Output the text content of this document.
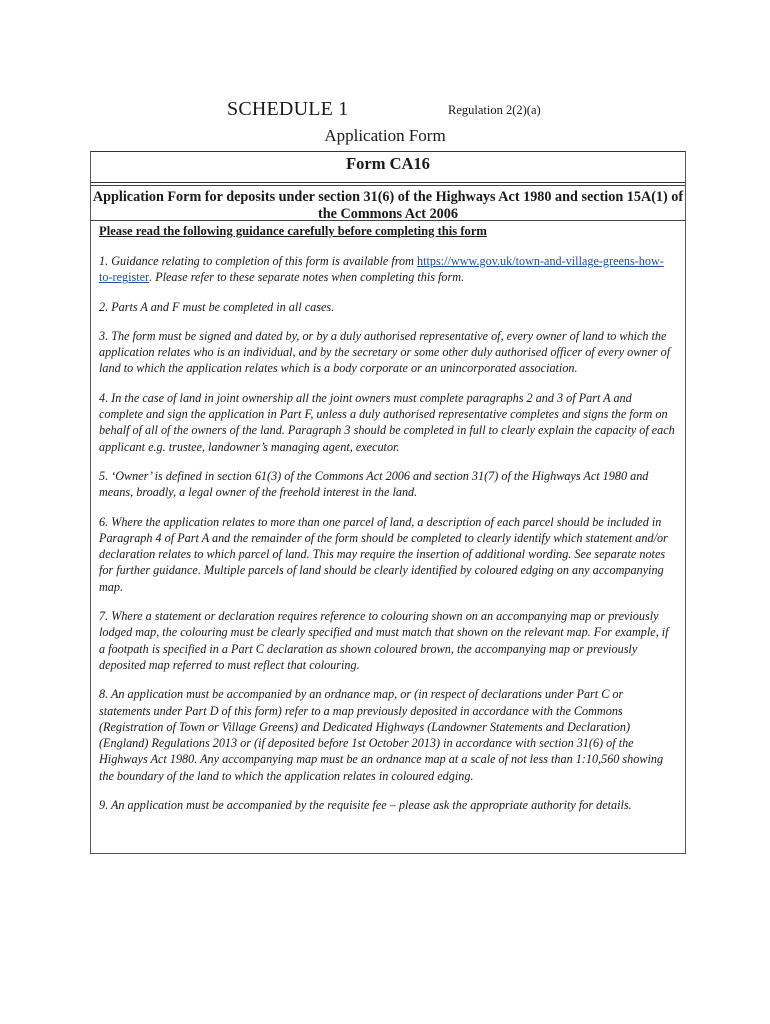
SCHEDULE 1	Regulation 2(2)(a)
Application Form
Form CA16
Application Form for deposits under section 31(6) of the Highways Act 1980 and section 15A(1) of the Commons Act 2006

Please read the following guidance carefully before completing this form

1. Guidance relating to completion of this form is available from https://www.gov.uk/town-and-village-greens-how-to-register. Please refer to these separate notes when completing this form.

2. Parts A and F must be completed in all cases.

3. The form must be signed and dated by, or by a duly authorised representative of, every owner of land to which the application relates who is an individual, and by the secretary or some other duly authorised officer of every owner of land to which the application relates which is a body corporate or an unincorporated association.

4. In the case of land in joint ownership all the joint owners must complete paragraphs 2 and 3 of Part A and complete and sign the application in Part F, unless a duly authorised representative completes and signs the form on behalf of all of the owners of the land. Paragraph 3 should be completed in full to clearly explain the capacity of each applicant e.g. trustee, landowner’s managing agent, executor.

5. ‘Owner’ is defined in section 61(3) of the Commons Act 2006 and section 31(7) of the Highways Act 1980 and means, broadly, a legal owner of the freehold interest in the land.

6. Where the application relates to more than one parcel of land, a description of each parcel should be included in Paragraph 4 of Part A and the remainder of the form should be completed to clearly identify which statement and/or declaration relates to which parcel of land. This may require the insertion of additional wording. See separate notes for further guidance. Multiple parcels of land should be clearly identified by coloured edging on any accompanying map.

7. Where a statement or declaration requires reference to colouring shown on an accompanying map or previously lodged map, the colouring must be clearly specified and must match that shown on the relevant map. For example, if a footpath is specified in a Part C declaration as shown coloured brown, the accompanying map or previously deposited map referred to must reflect that colouring.

8. An application must be accompanied by an ordnance map, or (in respect of declarations under Part C or statements under Part D of this form) refer to a map previously deposited in accordance with the Commons (Registration of Town or Village Greens) and Dedicated Highways (Landowner Statements and Declaration) (England) Regulations 2013 or (if deposited before 1st October 2013) in accordance with section 31(6) of the Highways Act 1980. Any accompanying map must be an ordnance map at a scale of not less than 1:10,560 showing the boundary of the land to which the application relates in coloured edging.

9. An application must be accompanied by the requisite fee – please ask the appropriate authority for details.
